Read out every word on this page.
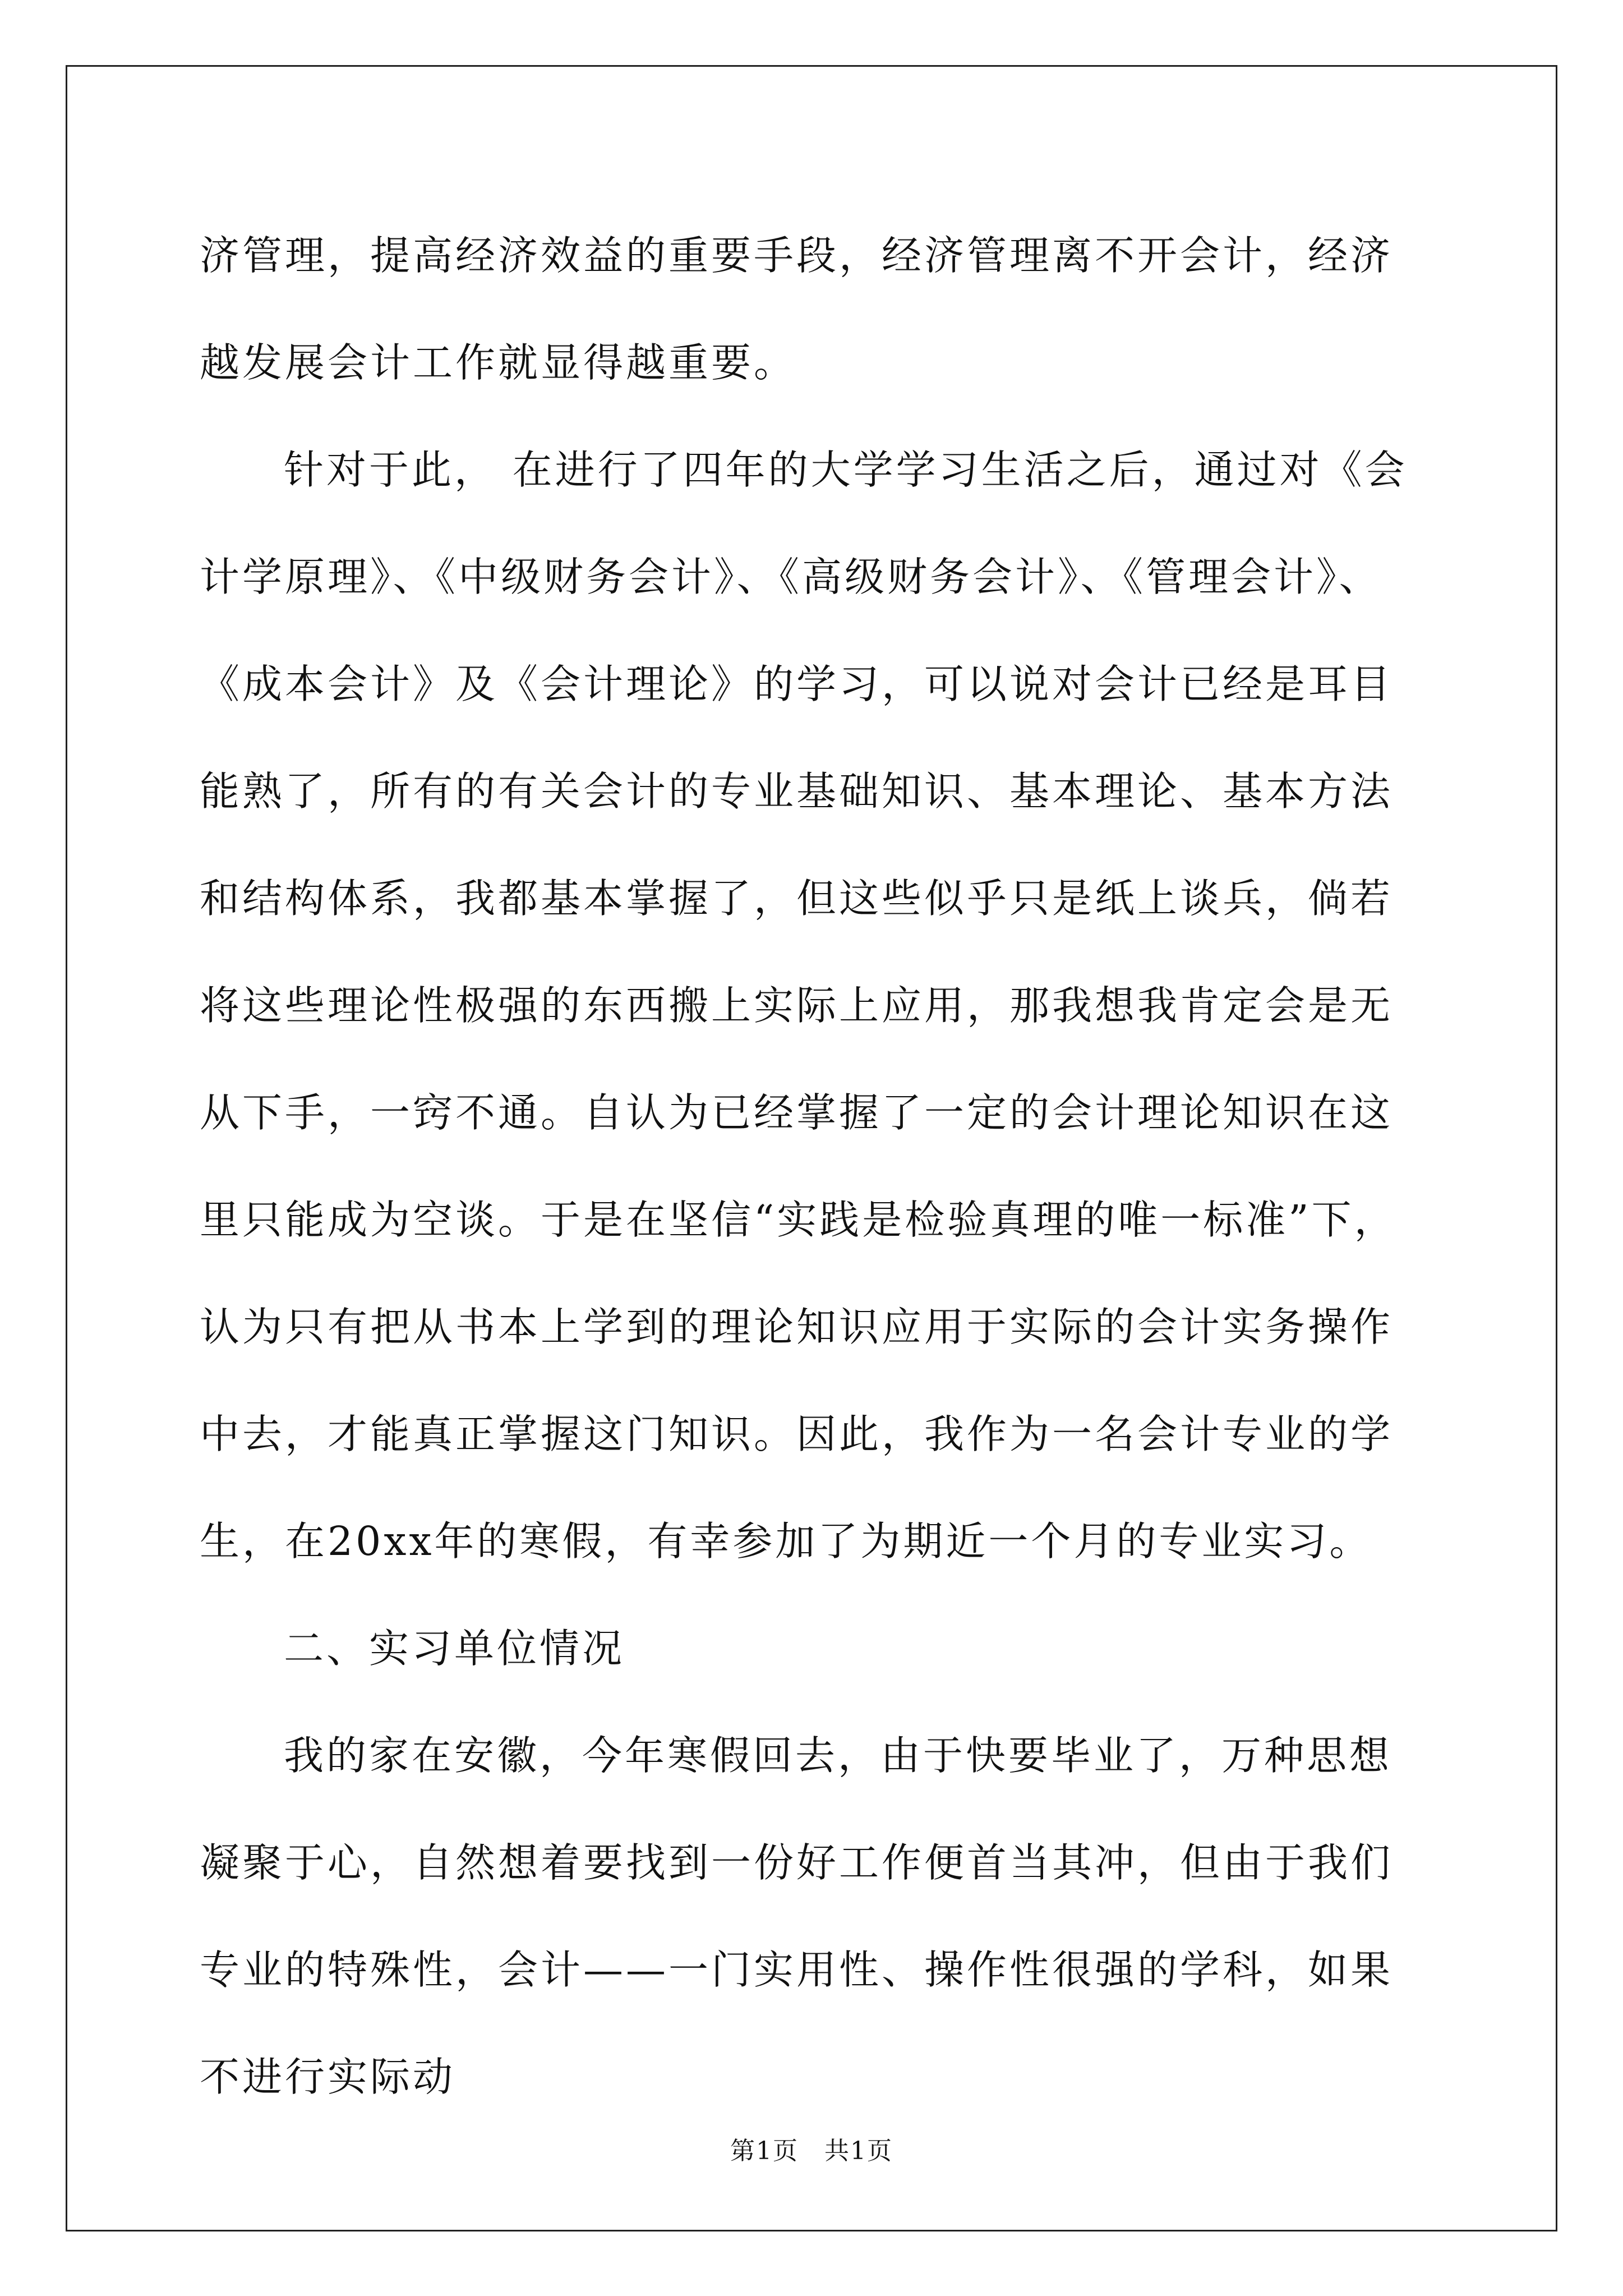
济管理，提高经济效益的重要手段，经济管理离不开会计，经济越发展会计工作就显得越重要。

针对于此， 在进行了四年的大学学习生活之后，通过对《会计学原理》、《中级财务会计》、《高级财务会计》、《管理会计》、《成本会计》及《会计理论》的学习，可以说对会计已经是耳目能熟了，所有的有关会计的专业基础知识、基本理论、基本方法和结构体系，我都基本掌握了，但这些似乎只是纸上谈兵，倘若将这些理论性极强的东西搬上实际上应用，那我想我肯定会是无从下手，一窍不通。自认为已经掌握了一定的会计理论知识在这里只能成为空谈。于是在坚信“实践是检验真理的唯一标准”下，认为只有把从书本上学到的理论知识应用于实际的会计实务操作中去，才能真正掌握这门知识。因此，我作为一名会计专业的学生，在20xx年的寒假，有幸参加了为期近一个月的专业实习。

二、实习单位情况

我的家在安徽，今年寒假回去，由于快要毕业了，万种思想凝聚于心，自然想着要找到一份好工作便首当其冲，但由于我们专业的特殊性，会计——一门实用性、操作性很强的学科，如果不进行实际动

第1页　共1页
